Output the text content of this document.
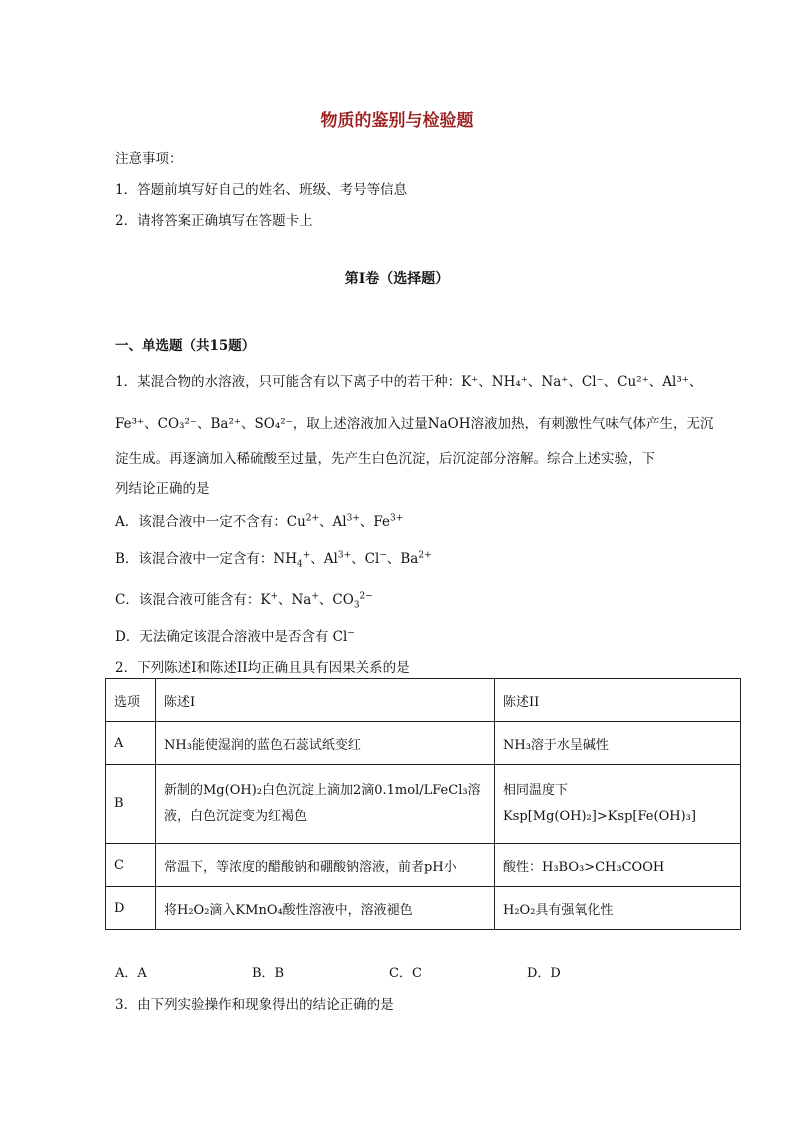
物质的鉴别与检验题
注意事项：
1．答题前填写好自己的姓名、班级、考号等信息
2．请将答案正确填写在答题卡上
第I卷（选择题）
一、单选题（共15题）
1．某混合物的水溶液，只可能含有以下离子中的若干种：K⁺、NH₄⁺、Na⁺、Cl⁻、Cu²⁺、Al³⁺、
Fe³⁺、CO₃²⁻、Ba²⁺、SO₄²⁻，取上述溶液加入过量NaOH溶液加热，有刺激性气味气体产生，无沉
淀生成。再逐滴加入稀硫酸至过量，先产生白色沉淀，后沉淀部分溶解。综合上述实验，下
列结论正确的是
A．该混合液中一定不含有：$Cu^{2+}$、$Al^{3+}$、$Fe^{3+}$
B．该混合液中一定含有：$NH_4^+$、$Al^{3+}$、Cl−、$Ba^{2+}$
C．该混合液可能含有：K+、Na+、$CO_3^{2-}$
D．无法确定该混合溶液中是否含有 Cl−
2．下列陈述I和陈述II均正确且具有因果关系的是
选项	陈述I	陈述II
A	NH₃能使湿润的蓝色石蕊试纸变红	NH₃溶于水呈碱性
B	新制的Mg(OH)₂白色沉淀上滴加2滴0.1mol/LFeCl₃溶
液，白色沉淀变为红褐色	相同温度下Ksp[Mg(OH)₂]>Ksp[Fe(OH)₃]
C	常温下，等浓度的醋酸钠和硼酸钠溶液，前者pH小	酸性：H₃BO₃>CH₃COOH
D	将H₂O₂滴入KMnO₄酸性溶液中，溶液褪色	H₂O₂具有强氧化性
A．A	B．B	C．C	D．D
3．由下列实验操作和现象得出的结论正确的是
